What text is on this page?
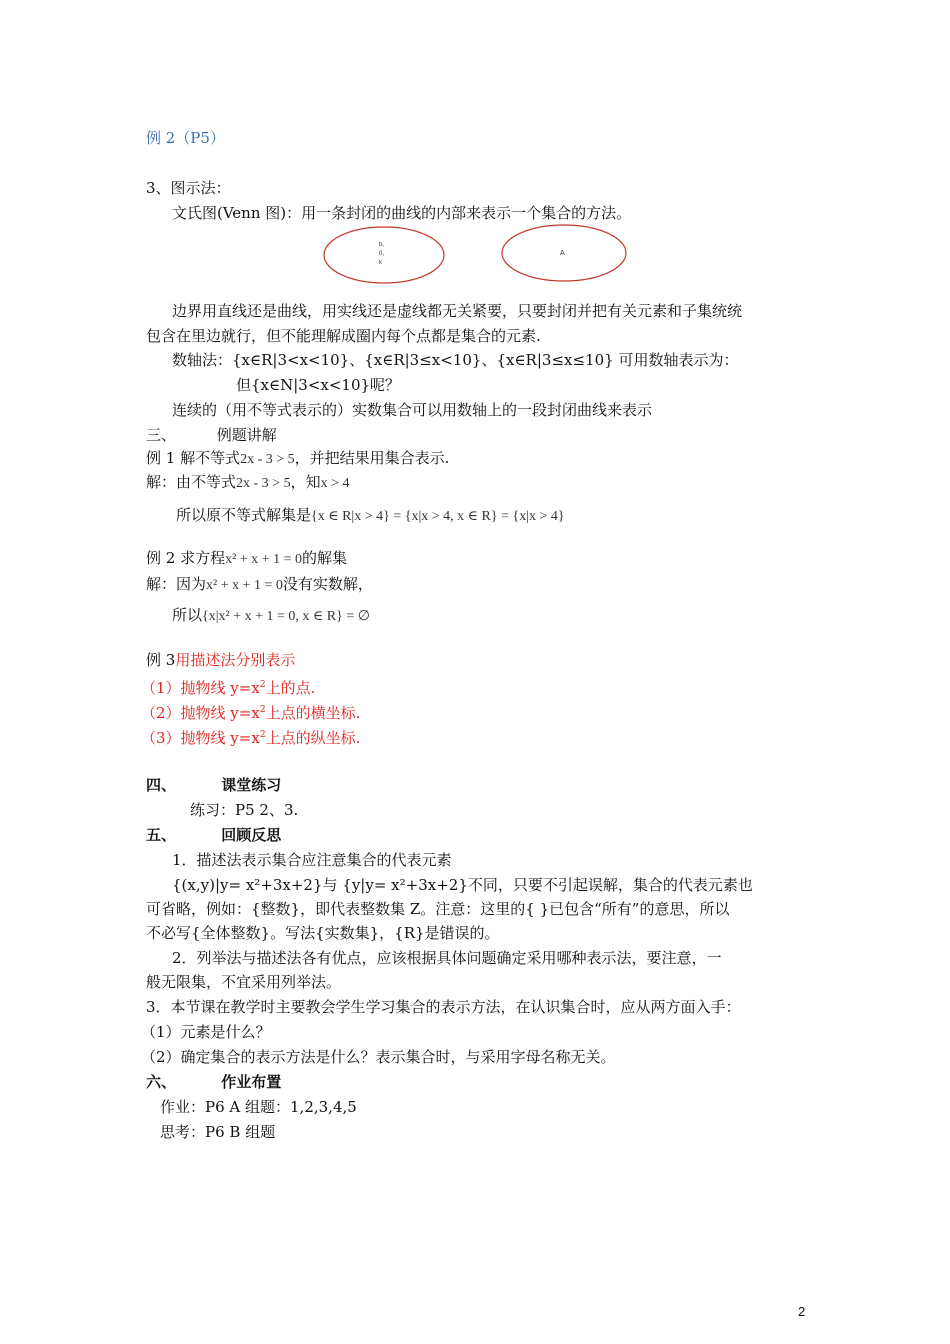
例 2（P5）
3、图示法：
文氏图(Venn 图)：用一条封闭的曲线的内部来表示一个集合的方法。
b,
0,
k
A
边界用直线还是曲线，用实线还是虚线都无关紧要，只要封闭并把有关元素和子集统统
包含在里边就行，但不能理解成圈内每个点都是集合的元素.
数轴法：{x∈R|3<x<10}、{x∈R|3≤x<10}、{x∈R|3≤x≤10} 可用数轴表示为：
但{x∈N|3<x<10}呢？
连续的（用不等式表示的）实数集合可以用数轴上的一段封闭曲线来表示
三、	例题讲解
例 1 解不等式2x - 3 > 5，并把结果用集合表示.
解：由不等式2x - 3 > 5，知x > 4
所以原不等式解集是{x ∈ R|x > 4} = {x|x > 4, x ∈ R} = {x|x > 4}
例 2 求方程x² + x + 1 = 0的解集
解：因为x² + x + 1 = 0没有实数解，
所以{x|x² + x + 1 = 0, x ∈ R} = ∅
例 3用描述法分别表示
（1）抛物线 $y=x^2$上的点.
（2）抛物线 $y=x^2$上点的横坐标.
（3）抛物线 $y=x^2$上点的纵坐标.
四、	课堂练习
练习：P5 2、3.
五、	回顾反思
1．描述法表示集合应注意集合的代表元素
{(x,y)|y= x²+3x+2}与 {y|y= x²+3x+2}不同，只要不引起误解，集合的代表元素也
可省略，例如：{整数}，即代表整数集 Z。注意：这里的{ }已包含“所有”的意思，所以
不必写{全体整数}。写法{实数集}，{R}是错误的。
2．列举法与描述法各有优点，应该根据具体问题确定采用哪种表示法，要注意，一
般无限集，不宜采用列举法。
3．本节课在教学时主要教会学生学习集合的表示方法，在认识集合时，应从两方面入手：
（1）元素是什么？
（2）确定集合的表示方法是什么？表示集合时，与采用字母名称无关。
六、	作业布置
作业：P6 A 组题：1,2,3,4,5
思考：P6 B 组题
2
